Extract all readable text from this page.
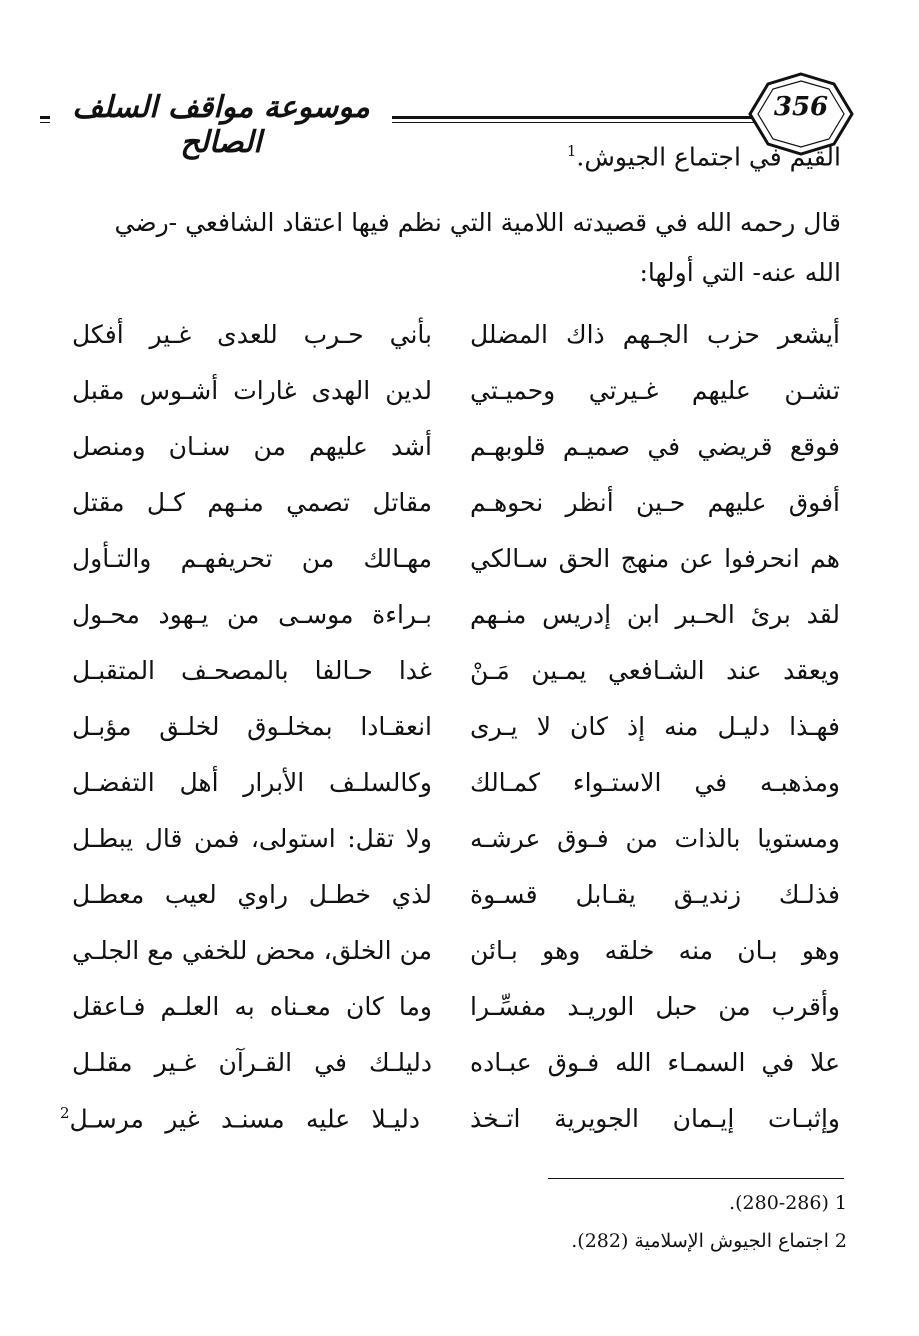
موسوعة مواقف السلف الصالح
356
القيم في اجتماع الجيوش.$^1$
قال رحمه الله في قصيدته اللامية التي نظم فيها اعتقاد الشافعي -رضي
الله عنه- التي أولها:
أيشعر حزب الجـهم ذاك المضلل
بأني حـرب للعدى غـير أفكل
تشـن عليهم غـيرتي وحميـتي
لدين الهدى غارات أشـوس مقبل
فوقع قريضي في صميـم قلوبهـم
أشد عليهم من سنـان ومنصل
أفوق عليهم حـين أنظر نحوهـم
مقاتل تصمي منـهم كـل مقتل
هم انحرفوا عن منهج الحق سـالكي
مهـالك من تحريفهـم والتـأول
لقد برئ الحـبر ابن إدريس منـهم
بـراءة موسـى من يـهود محـول
ويعقد عند الشـافعي يمـين مَـنْ
غدا حـالفا بالمصحـف المتقبـل
فهـذا دليـل منه إذ كان لا يـرى
انعقـادا بمخلـوق لخلـق مؤبـل
ومذهبـه في الاستـواء كمـالك
وكالسلـف الأبرار أهل التفضـل
ومستويا بالذات من فـوق عرشـه
ولا تقل: استولى، فمن قال يبطـل
فذلـك زنديـق يقـابل قسـوة
لذي خطـل راوي لعيب معطـل
وهو بـان منه خلقه وهو بـائن
من الخلق، محض للخفي مع الجلـي
وأقرب من حبل الوريـد مفسِّـرا
وما كان معـناه به العلـم فـاعقل
علا في السمـاء الله فـوق عبـاده
دليلـك في القـرآن غـير مقلـل
وإثبـات إيـمان الجويرية اتـخذ
دليـلا عليه مسنـد غير مرسـل$^2$
1(280-286).
2اجتماع الجيوش الإسلامية (282).
